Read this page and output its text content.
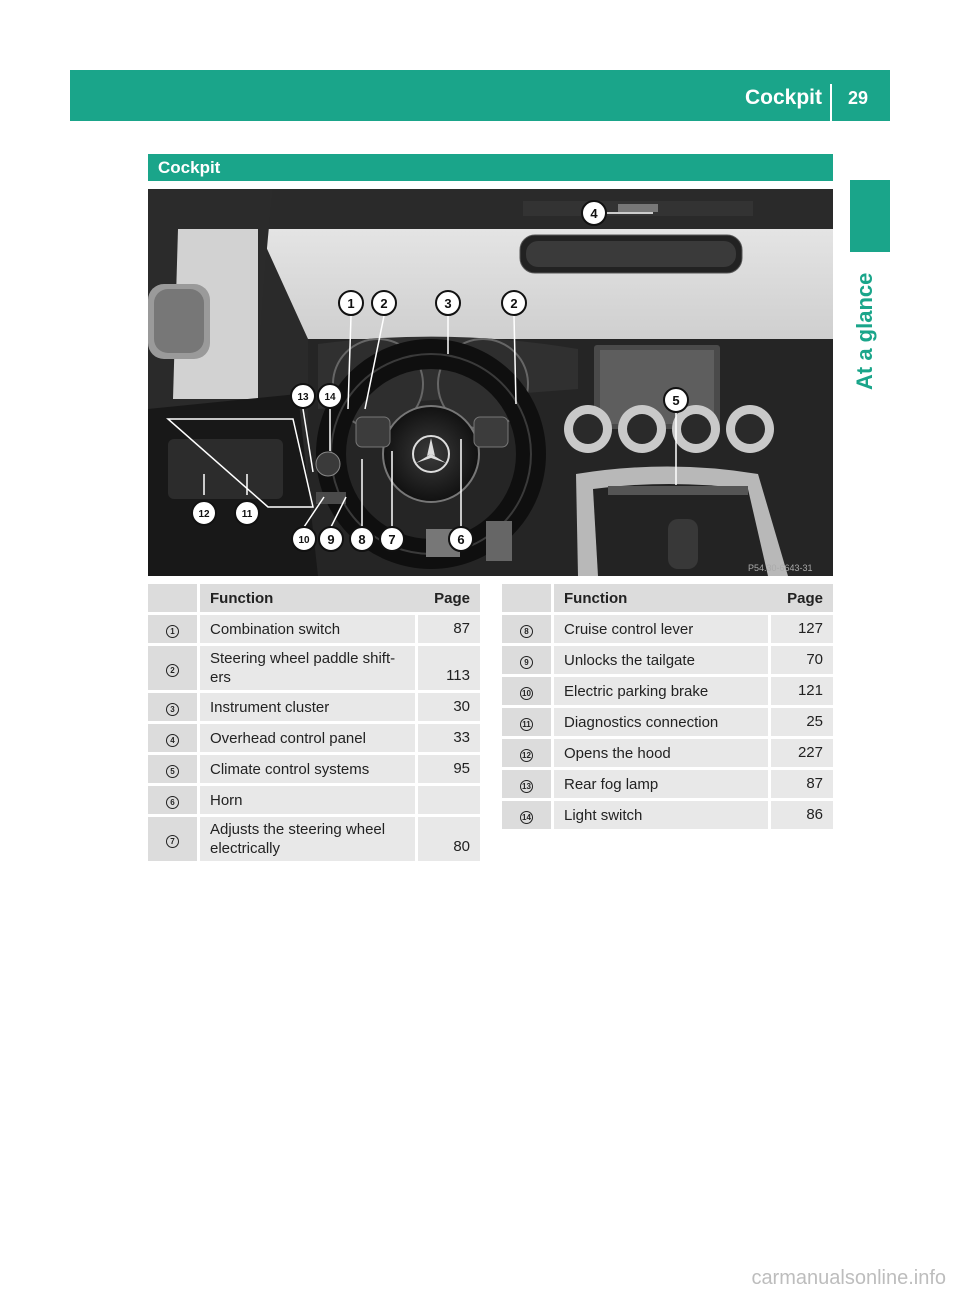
Cockpit 29
At a glance
Cockpit
P54.30-6643-31
1 2	3	2
4
5
13 14
12	11
10 9 8 7	6
	Function	Page
1	Combination switch	87
2	Steering wheel paddle shift-
ers	113
3	Instrument cluster	30
4	Overhead control panel	33
5	Climate control systems	95
6	Horn	
7	Adjusts the steering wheel
electrically	80
	Function	Page
8	Cruise control lever	127
9	Unlocks the tailgate	70
10	Electric parking brake	121
11	Diagnostics connection	25
12	Opens the hood	227
13	Rear fog lamp	87
14	Light switch	86
carmanualsonline.info
